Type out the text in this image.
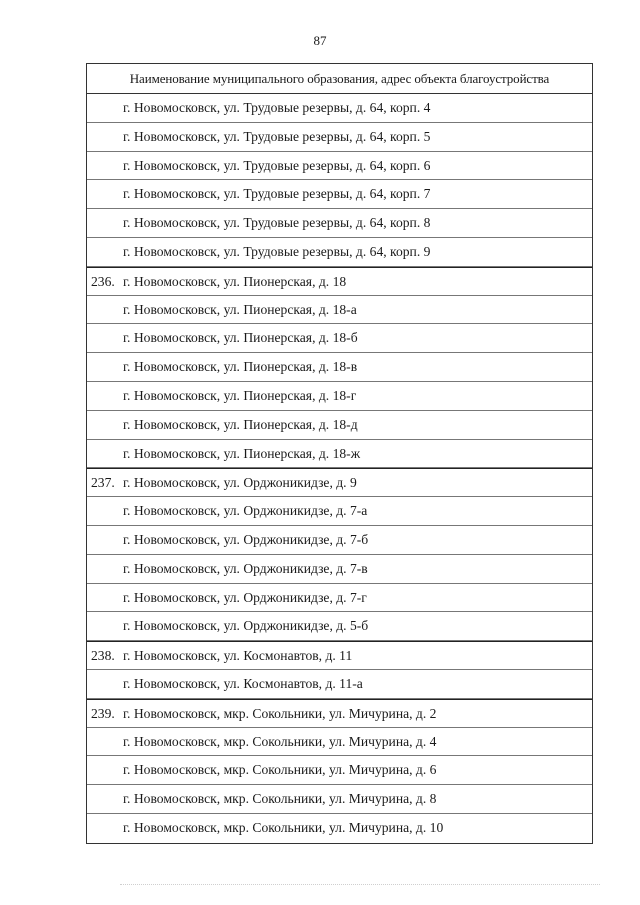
87
Наименование муниципального образования, адрес объекта благоустройства
г. Новомосковск, ул. Трудовые резервы, д. 64, корп. 4
г. Новомосковск, ул. Трудовые резервы, д. 64, корп. 5
г. Новомосковск, ул. Трудовые резервы, д. 64, корп. 6
г. Новомосковск, ул. Трудовые резервы, д. 64, корп. 7
г. Новомосковск, ул. Трудовые резервы, д. 64, корп. 8
г. Новомосковск, ул. Трудовые резервы, д. 64, корп. 9
236. г. Новомосковск, ул. Пионерская, д. 18
г. Новомосковск, ул. Пионерская, д. 18-а
г. Новомосковск, ул. Пионерская, д. 18-б
г. Новомосковск, ул. Пионерская, д. 18-в
г. Новомосковск, ул. Пионерская, д. 18-г
г. Новомосковск, ул. Пионерская, д. 18-д
г. Новомосковск, ул. Пионерская, д. 18-ж
237. г. Новомосковск, ул. Орджоникидзе, д. 9
г. Новомосковск, ул. Орджоникидзе, д. 7-а
г. Новомосковск, ул. Орджоникидзе, д. 7-б
г. Новомосковск, ул. Орджоникидзе, д. 7-в
г. Новомосковск, ул. Орджоникидзе, д. 7-г
г. Новомосковск, ул. Орджоникидзе, д. 5-б
238. г. Новомосковск, ул. Космонавтов, д. 11
г. Новомосковск, ул. Космонавтов, д. 11-а
239. г. Новомосковск, мкр. Сокольники, ул. Мичурина, д. 2
г. Новомосковск, мкр. Сокольники, ул. Мичурина, д. 4
г. Новомосковск, мкр. Сокольники, ул. Мичурина, д. 6
г. Новомосковск, мкр. Сокольники, ул. Мичурина, д. 8
г. Новомосковск, мкр. Сокольники, ул. Мичурина, д. 10
